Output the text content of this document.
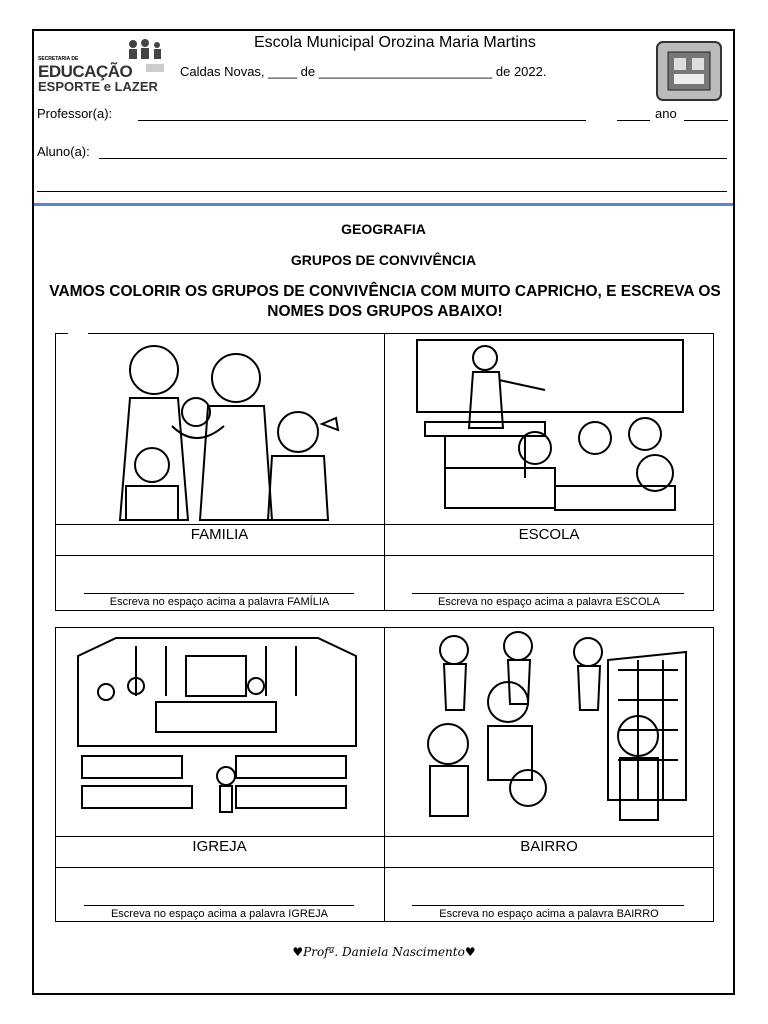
SECRETARIA DE
EDUCAÇÃO
ESPORTE e LAZER
Escola Municipal Orozina Maria Martins
Caldas Novas, ____ de ________________________ de 2022.
Professor(a):	ano
Aluno(a):
GEOGRAFIA
GRUPOS DE CONVIVÊNCIA
VAMOS COLORIR OS GRUPOS DE CONVIVÊNCIA COM MUITO CAPRICHO, E ESCREVA OS NOMES DOS GRUPOS ABAIXO!
FAMILIA	ESCOLA
Escreva no espaço acima a palavra FAMÍLIA	Escreva no espaço acima a palavra ESCOLA
IGREJA	BAIRRO
Escreva no espaço acima a palavra IGREJA	Escreva no espaço acima a palavra BAIRRO
♥Profª. Daniela Nascimento♥
